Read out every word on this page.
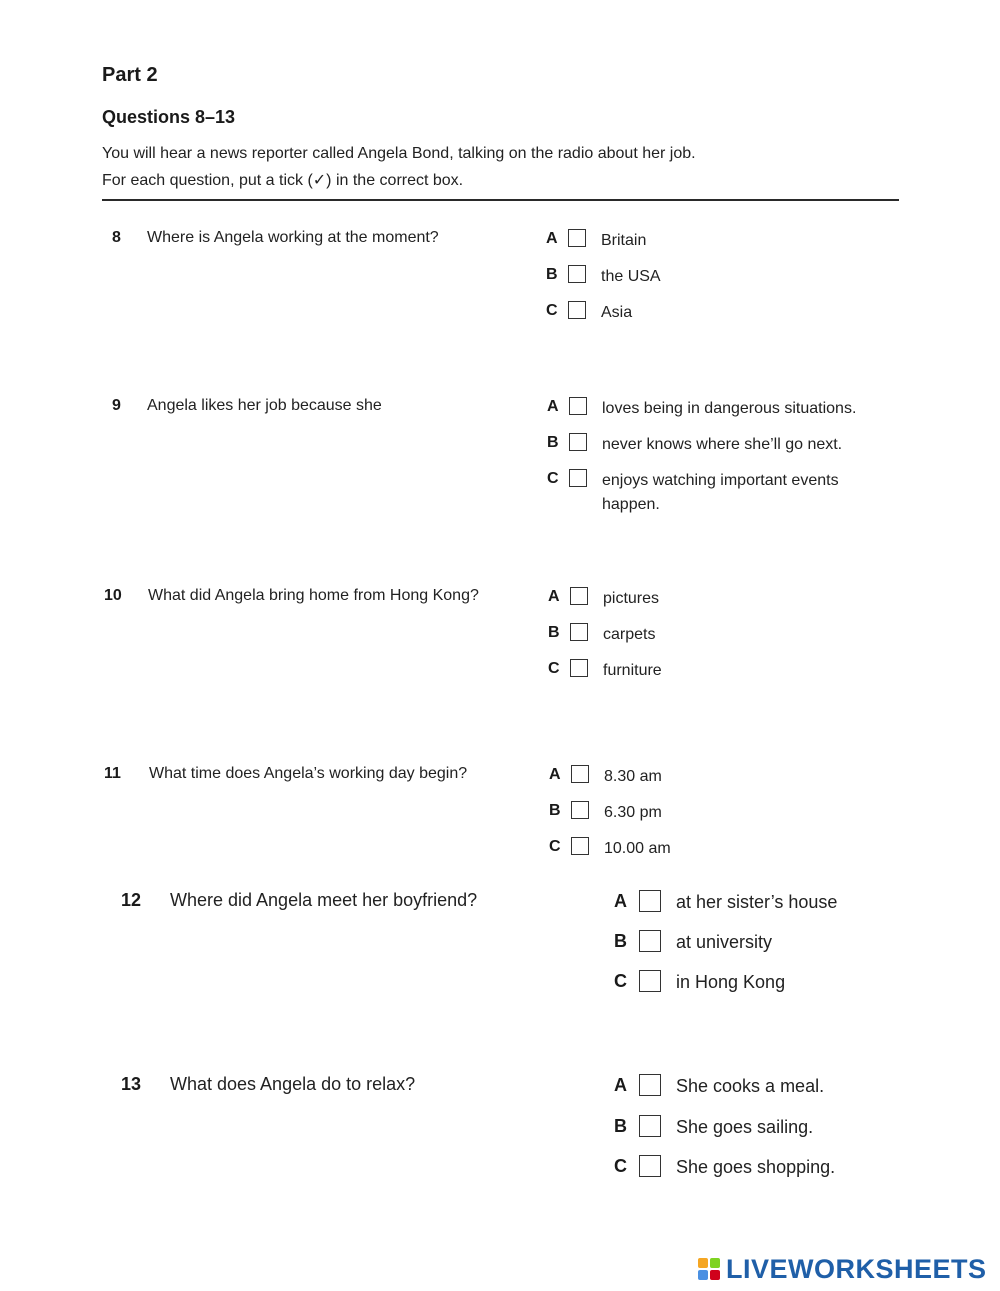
Part 2
Questions 8–13
You will hear a news reporter called Angela Bond, talking on the radio about her job.
For each question, put a tick (✓) in the correct box.
8 Where is Angela working at the moment?	A	Britain
B	the USA
C	Asia
9 Angela likes her job because she	A	loves being in dangerous situations.
B	never knows where she’ll go next.
C	enjoys watching important events
happen.
10 What did Angela bring home from Hong Kong?	A	pictures
B	carpets
C	furniture
11 What time does Angela’s working day begin?	A	8.30 am
B	6.30 pm
C	10.00 am
12 Where did Angela meet her boyfriend?	A	at her sister’s house
B	at university
C	in Hong Kong
13 What does Angela do to relax?	A	She cooks a meal.
B	She goes sailing.
C	She goes shopping.
LIVEWORKSHEETS
